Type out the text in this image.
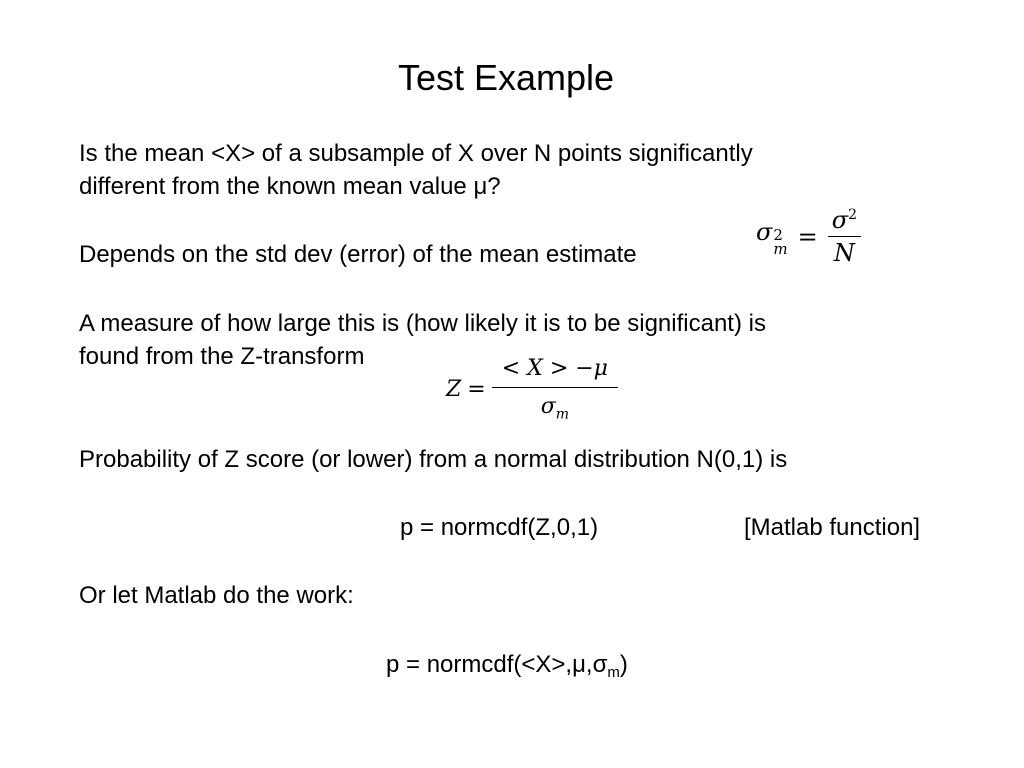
Test Example
Is the mean <X> of a subsample of X over N points significantly
different from the known mean value μ?
Depends on the std dev (error) of the mean estimate
σ 2
$m = \frac{\sigma^2}{N}$
A measure of how large this is (how likely it is to be significant) is
found from the Z-transform
$Z = \frac{< X > -\mu}{\sigma_m}$
Probability of Z score (or lower) from a normal distribution N(0,1) is
p = normcdf(Z,0,1)	[Matlab function]
Or let Matlab do the work:
$p = normcdf(<X>,\mu,\sigma_m)$
